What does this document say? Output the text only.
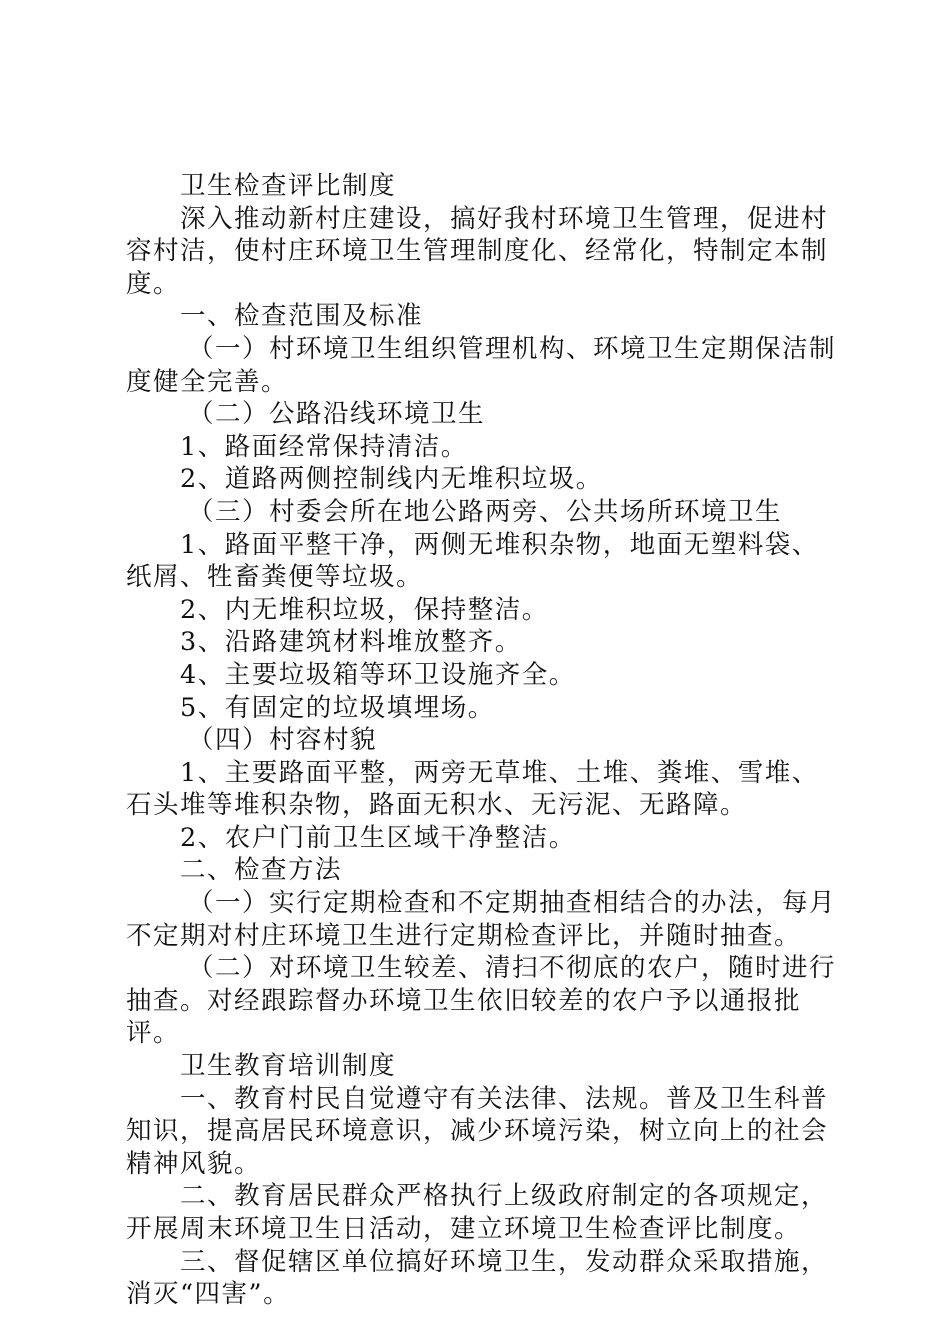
卫生检查评比制度

深入推动新村庄建设，搞好我村环境卫生管理，促进村容村洁，使村庄环境卫生管理制度化、经常化，特制定本制度。

一、检查范围及标准

（一）村环境卫生组织管理机构、环境卫生定期保洁制度健全完善。

（二）公路沿线环境卫生

1、路面经常保持清洁。

2、道路两侧控制线内无堆积垃圾。

（三）村委会所在地公路两旁、公共场所环境卫生

1、路面平整干净，两侧无堆积杂物，地面无塑料袋、纸屑、牲畜粪便等垃圾。

2、内无堆积垃圾，保持整洁。

3、沿路建筑材料堆放整齐。

4、主要垃圾箱等环卫设施齐全。

5、有固定的垃圾填埋场。

（四）村容村貌

1、主要路面平整，两旁无草堆、土堆、粪堆、雪堆、石头堆等堆积杂物，路面无积水、无污泥、无路障。

2、农户门前卫生区域干净整洁。

二、检查方法

（一）实行定期检查和不定期抽查相结合的办法，每月不定期对村庄环境卫生进行定期检查评比，并随时抽查。

（二）对环境卫生较差、清扫不彻底的农户，随时进行抽查。对经跟踪督办环境卫生依旧较差的农户予以通报批评。

卫生教育培训制度

一、教育村民自觉遵守有关法律、法规。普及卫生科普知识，提高居民环境意识，减少环境污染，树立向上的社会精神风貌。

二、教育居民群众严格执行上级政府制定的各项规定，开展周末环境卫生日活动，建立环境卫生检查评比制度。

三、督促辖区单位搞好环境卫生，发动群众采取措施，消灭“四害”。
